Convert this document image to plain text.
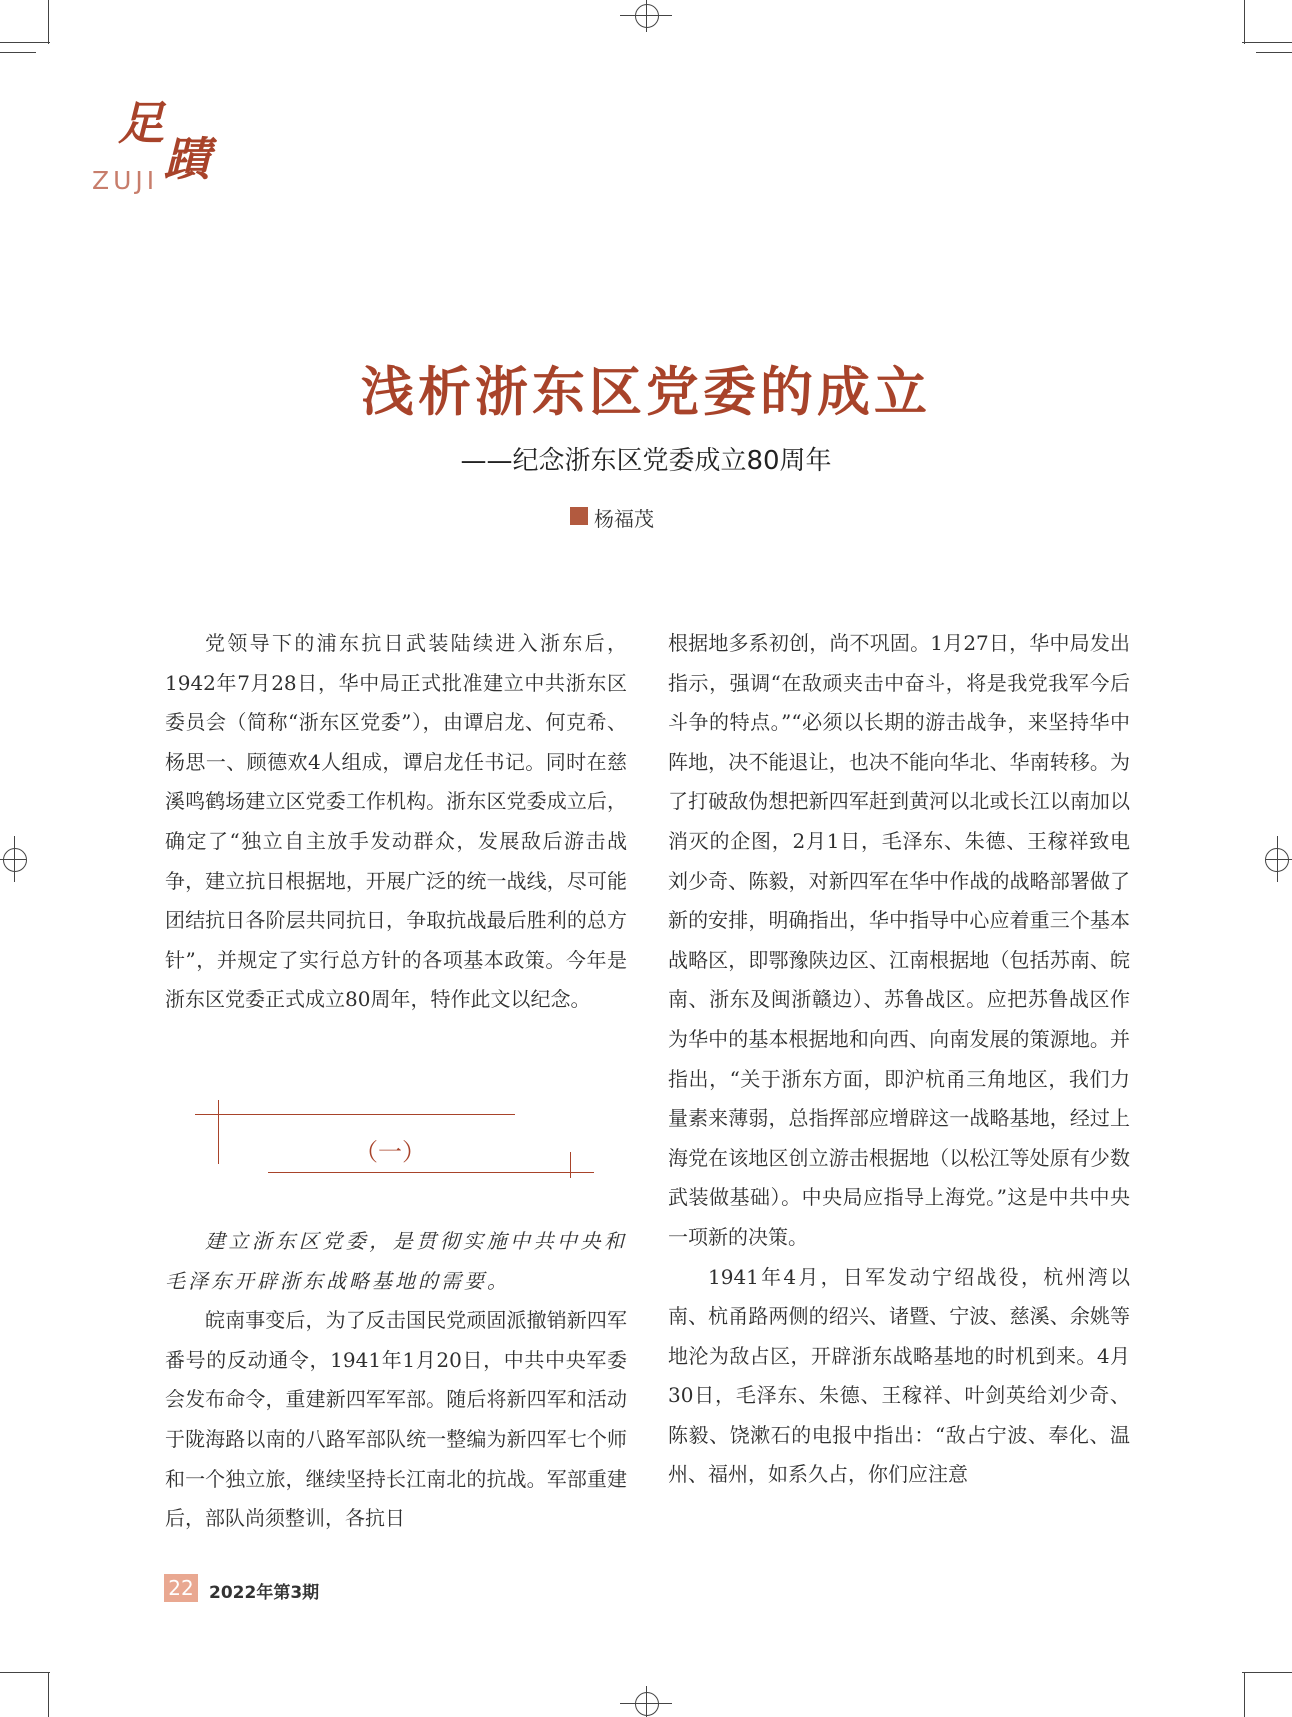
足
蹟
ZUJI
浅析浙东区党委的成立
——纪念浙东区党委成立80周年
杨福茂

党领导下的浦东抗日武装陆续进入浙东后，1942年7月28日，华中局正式批准建立中共浙东区委员会（简称“浙东区党委”），由谭启龙、何克希、杨思一、顾德欢4人组成，谭启龙任书记。同时在慈溪鸣鹤场建立区党委工作机构。浙东区党委成立后，确定了“独立自主放手发动群众，发展敌后游击战争，建立抗日根据地，开展广泛的统一战线，尽可能团结抗日各阶层共同抗日，争取抗战最后胜利的总方针”，并规定了实行总方针的各项基本政策。今年是浙东区党委正式成立80周年，特作此文以纪念。

（一）

建立浙东区党委，是贯彻实施中共中央和毛泽东开辟浙东战略基地的需要。

皖南事变后，为了反击国民党顽固派撤销新四军番号的反动通令，1941年1月20日，中共中央军委会发布命令，重建新四军军部。随后将新四军和活动于陇海路以南的八路军部队统一整编为新四军七个师和一个独立旅，继续坚持长江南北的抗战。军部重建后，部队尚须整训，各抗日

根据地多系初创，尚不巩固。1月27日，华中局发出指示，强调“在敌顽夹击中奋斗，将是我党我军今后斗争的特点。”“必须以长期的游击战争，来坚持华中阵地，决不能退让，也决不能向华北、华南转移。为了打破敌伪想把新四军赶到黄河以北或长江以南加以消灭的企图，2月1日，毛泽东、朱德、王稼祥致电刘少奇、陈毅，对新四军在华中作战的战略部署做了新的安排，明确指出，华中指导中心应着重三个基本战略区，即鄂豫陕边区、江南根据地（包括苏南、皖南、浙东及闽浙赣边）、苏鲁战区。应把苏鲁战区作为华中的基本根据地和向西、向南发展的策源地。并指出，“关于浙东方面，即沪杭甬三角地区，我们力量素来薄弱，总指挥部应增辟这一战略基地，经过上海党在该地区创立游击根据地（以松江等处原有少数武装做基础）。中央局应指导上海党。”这是中共中央一项新的决策。

1941年4月，日军发动宁绍战役，杭州湾以南、杭甬路两侧的绍兴、诸暨、宁波、慈溪、余姚等地沦为敌占区，开辟浙东战略基地的时机到来。4月30日，毛泽东、朱德、王稼祥、叶剑英给刘少奇、陈毅、饶漱石的电报中指出：“敌占宁波、奉化、温州、福州，如系久占，你们应注意

22 2022年第3期
